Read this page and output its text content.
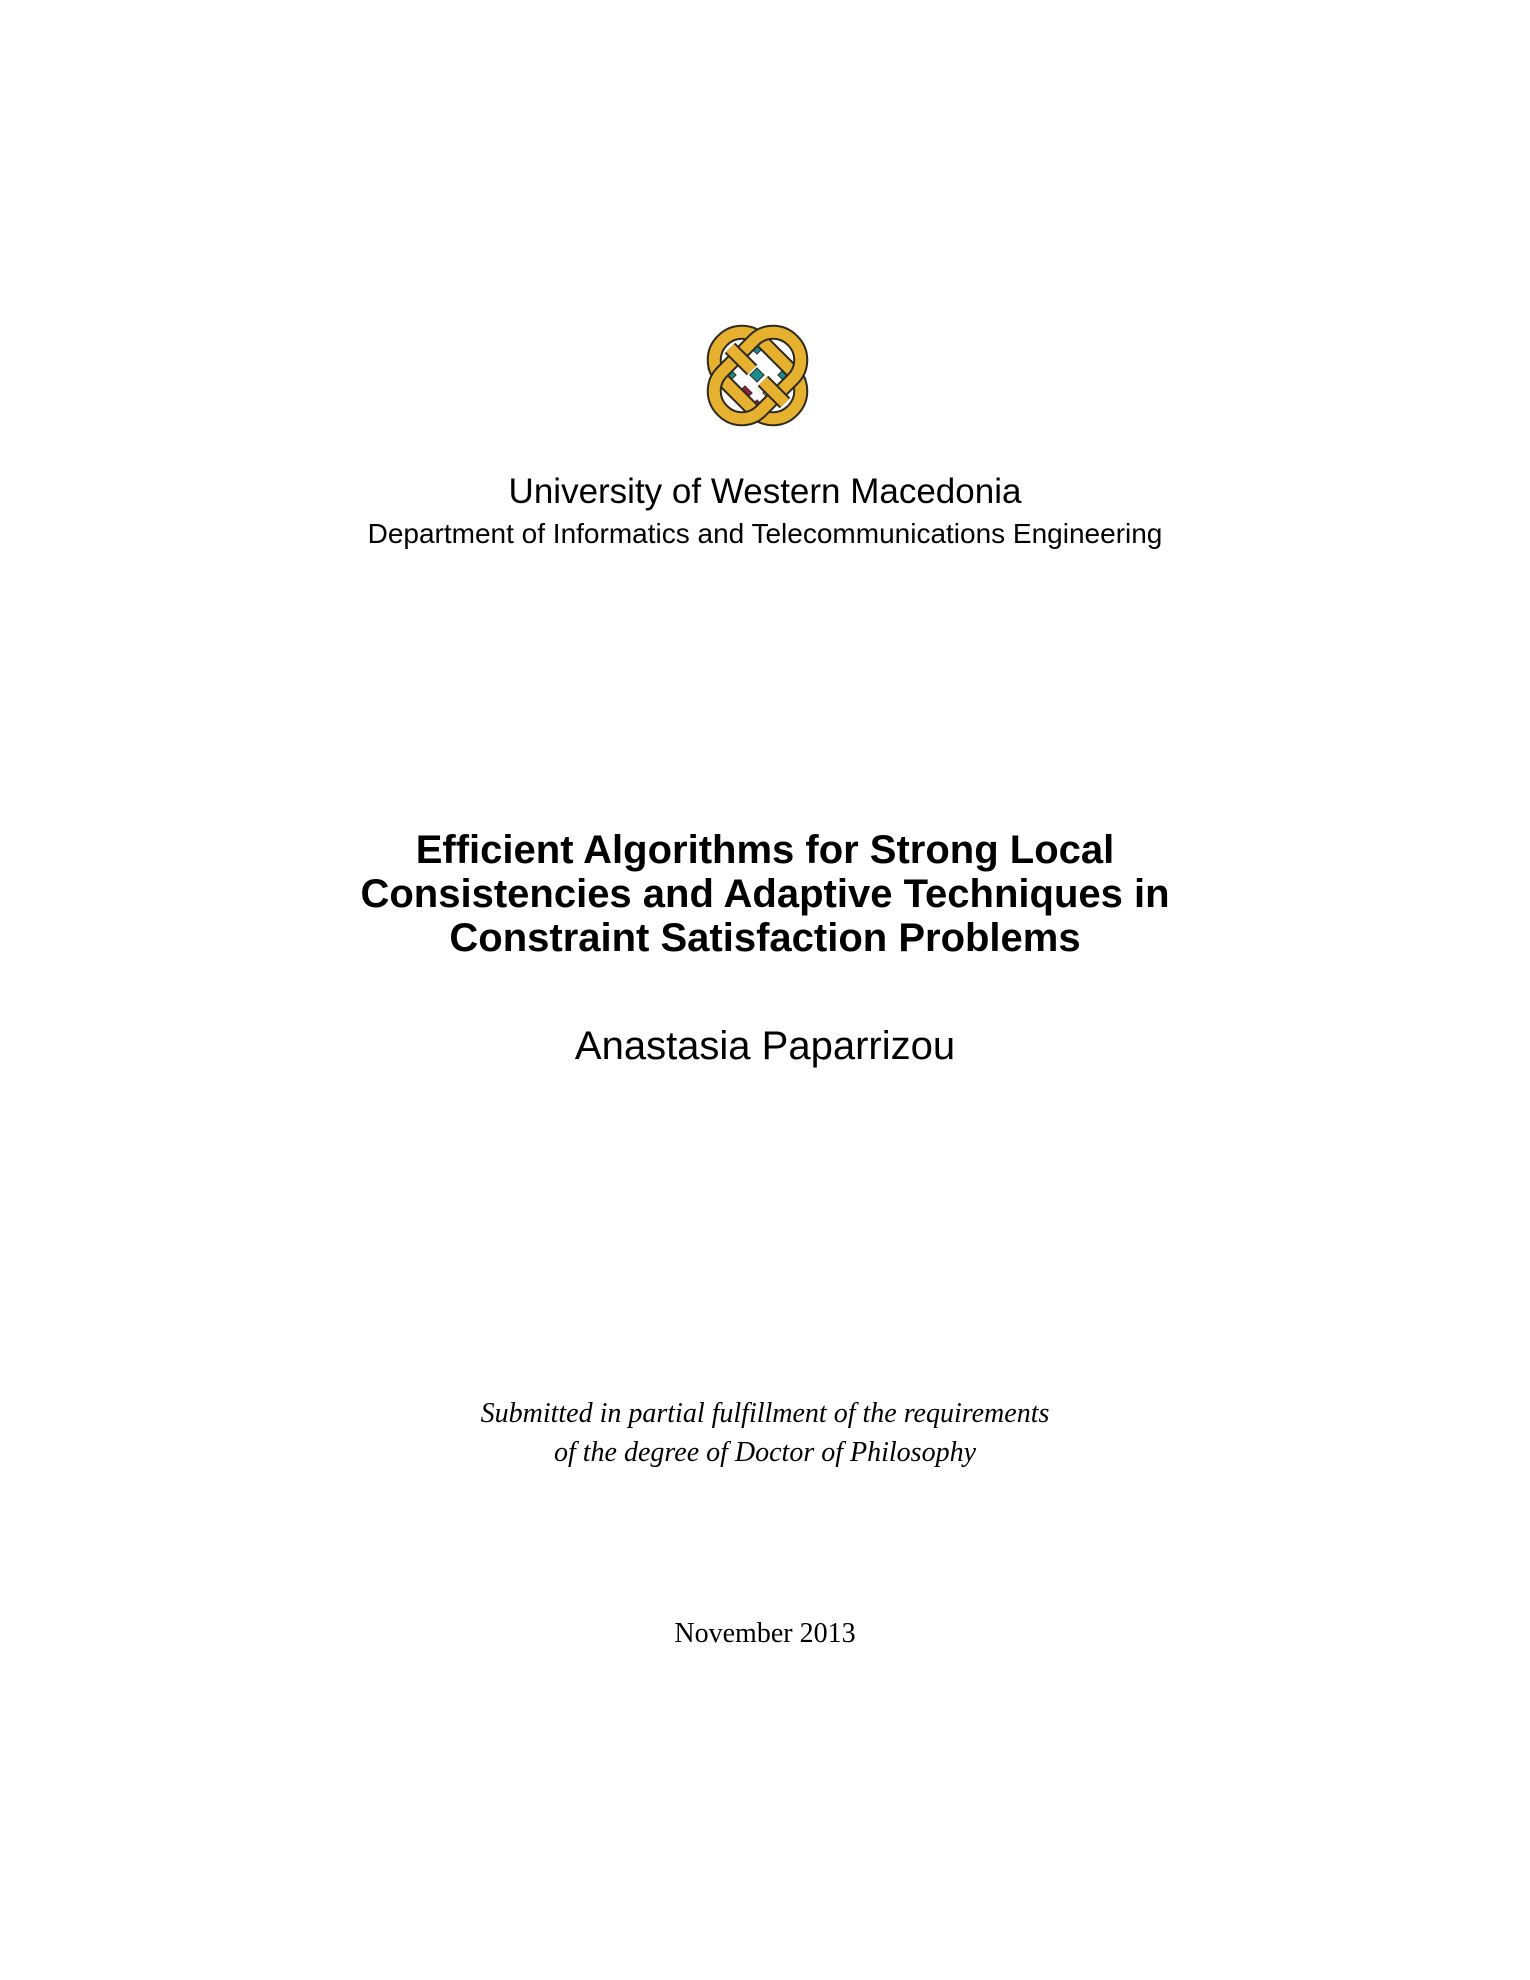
University of Western Macedonia
Department of Informatics and Telecommunications Engineering
Efficient Algorithms for Strong Local
Consistencies and Adaptive Techniques in
Constraint Satisfaction Problems
Anastasia Paparrizou
Submitted in partial fulfillment of the requirements
of the degree of Doctor of Philosophy
November 2013
